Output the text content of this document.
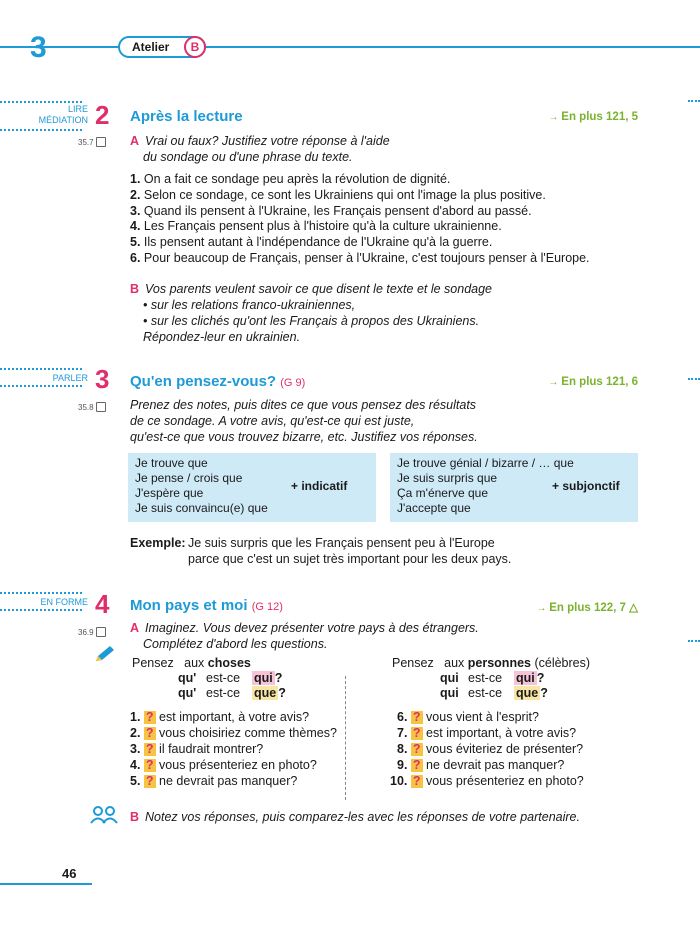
3	Atelier	B
LIRE
MÉDIATION 2 Après la lecture	→ En plus 121, 5
35.7	A Vrai ou faux? Justifiez votre réponse à l'aide
du sondage ou d'une phrase du texte.
1. On a fait ce sondage peu après la révolution de dignité.
2. Selon ce sondage, ce sont les Ukrainiens qui ont l'image la plus positive.
3. Quand ils pensent à l'Ukraine, les Français pensent d'abord au passé.
4. Les Français pensent plus à l'histoire qu'à la culture ukrainienne.
5. Ils pensent autant à l'indépendance de l'Ukraine qu'à la guerre.
6. Pour beaucoup de Français, penser à l'Ukraine, c'est toujours penser à l'Europe.
B Vos parents veulent savoir ce que disent le texte et le sondage
• sur les relations franco-ukrainiennes,
• sur les clichés qu'ont les Français à propos des Ukrainiens.
Répondez-leur en ukrainien.
PARLER 3 Qu'en pensez-vous? (G 9)	→ En plus 121, 6
35.8	Prenez des notes, puis dites ce que vous pensez des résultats
de ce sondage. A votre avis, qu'est-ce qui est juste,
qu'est-ce que vous trouvez bizarre, etc. Justifiez vos réponses.
Je trouve que
Je pense / crois que
J'espère que
Je suis convaincu(e) que
+ indicatif
Je trouve génial / bizarre / … que
Je suis surpris que
Ça m'énerve que
J'accepte que
+ subjonctif
Exemple: Je suis surpris que les Français pensent peu à l'Europe
parce que c'est un sujet très important pour les deux pays.
EN FORME 4 Mon pays et moi (G 12)	→ En plus 122, 7 △
36.9	A Imaginez. Vous devez présenter votre pays à des étrangers.
Complétez d'abord les questions.
Pensez aux choses
qu' est-ce qui ?
qu' est-ce que ?
Pensez aux personnes (célèbres)
qui est-ce qui ?
qui est-ce que ?
1. ? est important, à votre avis?
2. ? vous choisiriez comme thèmes?
3. ? il faudrait montrer?
4. ? vous présenteriez en photo?
5. ? ne devrait pas manquer?
6. ? vous vient à l'esprit?
7. ? est important, à votre avis?
8. ? vous éviteriez de présenter?
9. ? ne devrait pas manquer?
10. ? vous présenteriez en photo?
B Notez vos réponses, puis comparez-les avec les réponses de votre partenaire.
46
